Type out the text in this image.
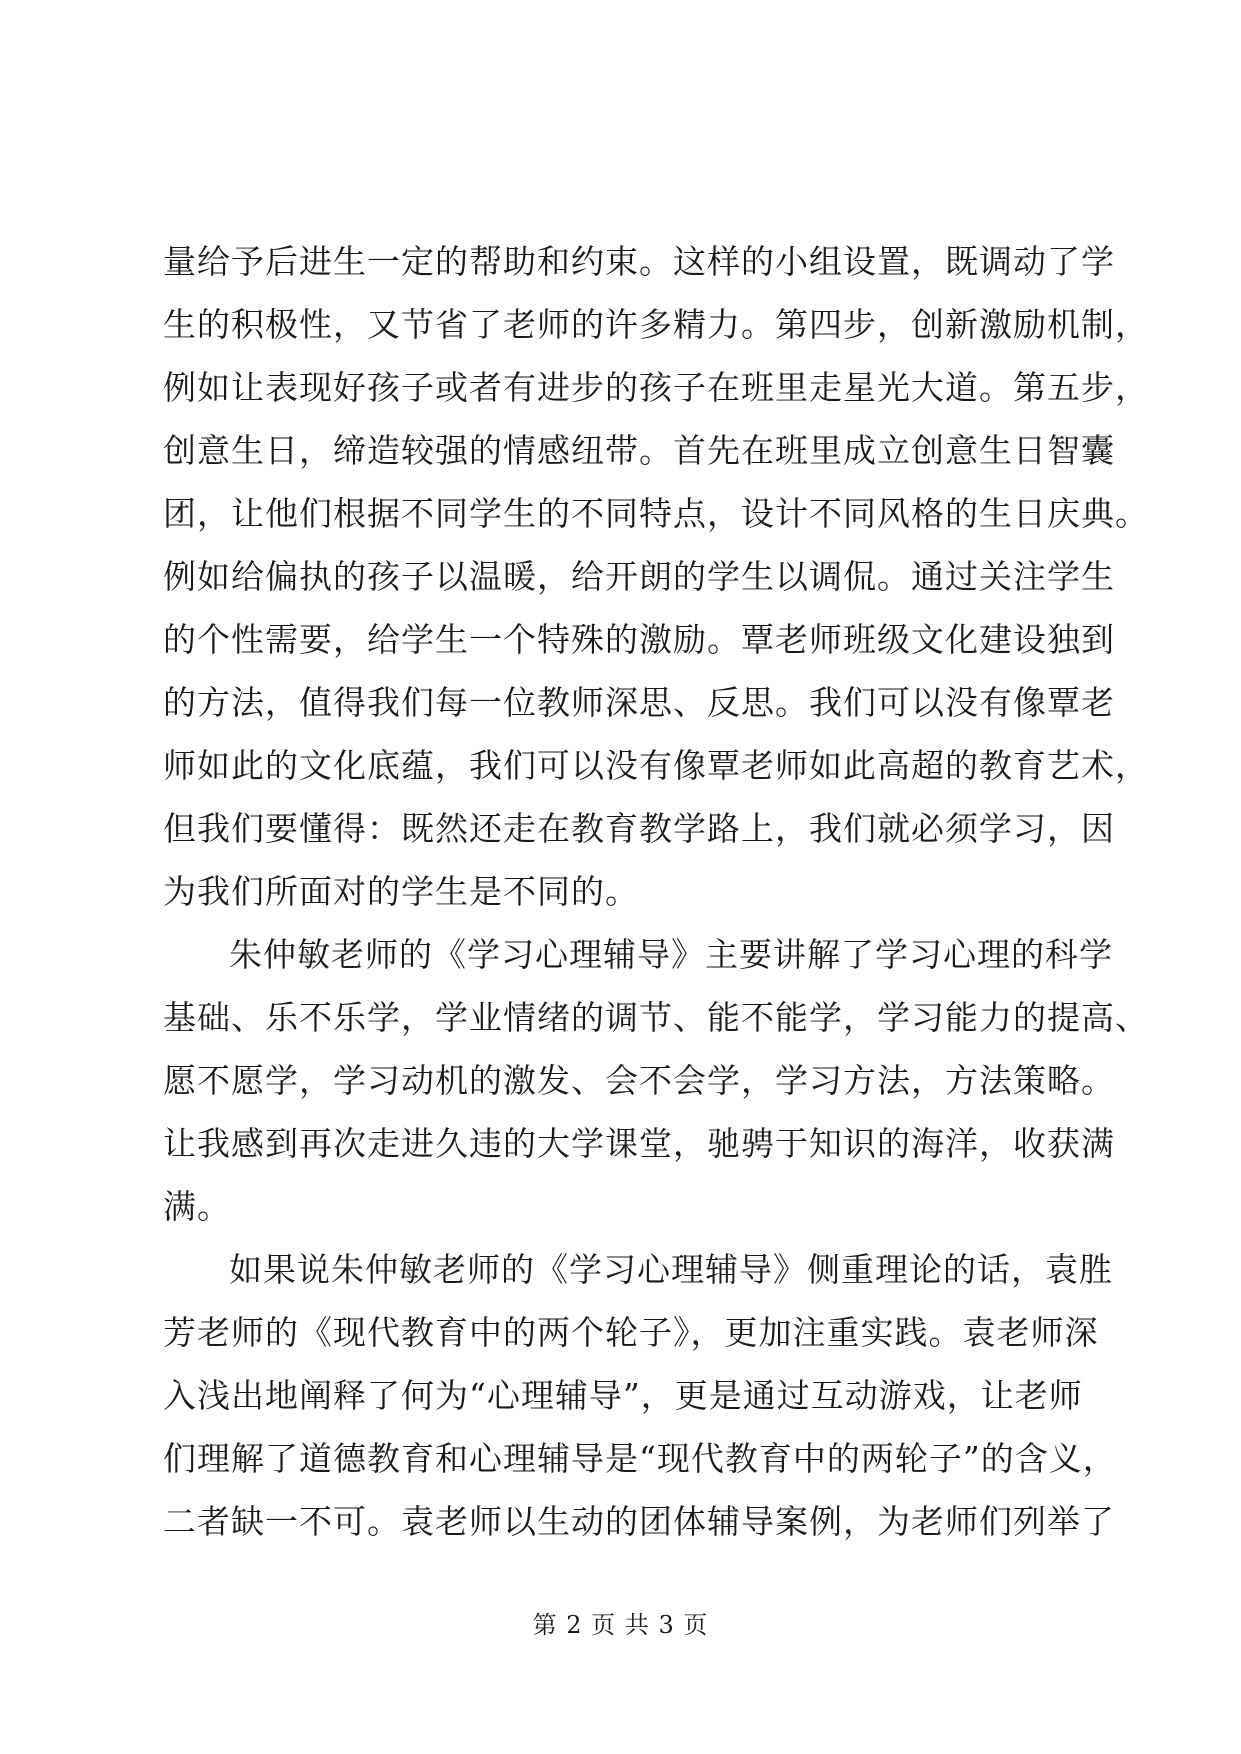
量给予后进生一定的帮助和约束。这样的小组设置，既调动了学
生的积极性，又节省了老师的许多精力。第四步，创新激励机制，
例如让表现好孩子或者有进步的孩子在班里走星光大道。第五步，
创意生日，缔造较强的情感纽带。首先在班里成立创意生日智囊
团，让他们根据不同学生的不同特点，设计不同风格的生日庆典。
例如给偏执的孩子以温暖，给开朗的学生以调侃。通过关注学生
的个性需要，给学生一个特殊的激励。覃老师班级文化建设独到
的方法，值得我们每一位教师深思、反思。我们可以没有像覃老
师如此的文化底蕴，我们可以没有像覃老师如此高超的教育艺术，
但我们要懂得：既然还走在教育教学路上，我们就必须学习，因
为我们所面对的学生是不同的。
朱仲敏老师的《学习心理辅导》主要讲解了学习心理的科学
基础、乐不乐学，学业情绪的调节、能不能学，学习能力的提高、
愿不愿学，学习动机的激发、会不会学，学习方法，方法策略。
让我感到再次走进久违的大学课堂，驰骋于知识的海洋，收获满
满。
如果说朱仲敏老师的《学习心理辅导》侧重理论的话，袁胜
芳老师的《现代教育中的两个轮子》，更加注重实践。袁老师深
入浅出地阐释了何为“心理辅导”，更是通过互动游戏，让老师
们理解了道德教育和心理辅导是“现代教育中的两轮子”的含义，
二者缺一不可。袁老师以生动的团体辅导案例，为老师们列举了
第 2 页 共 3 页
